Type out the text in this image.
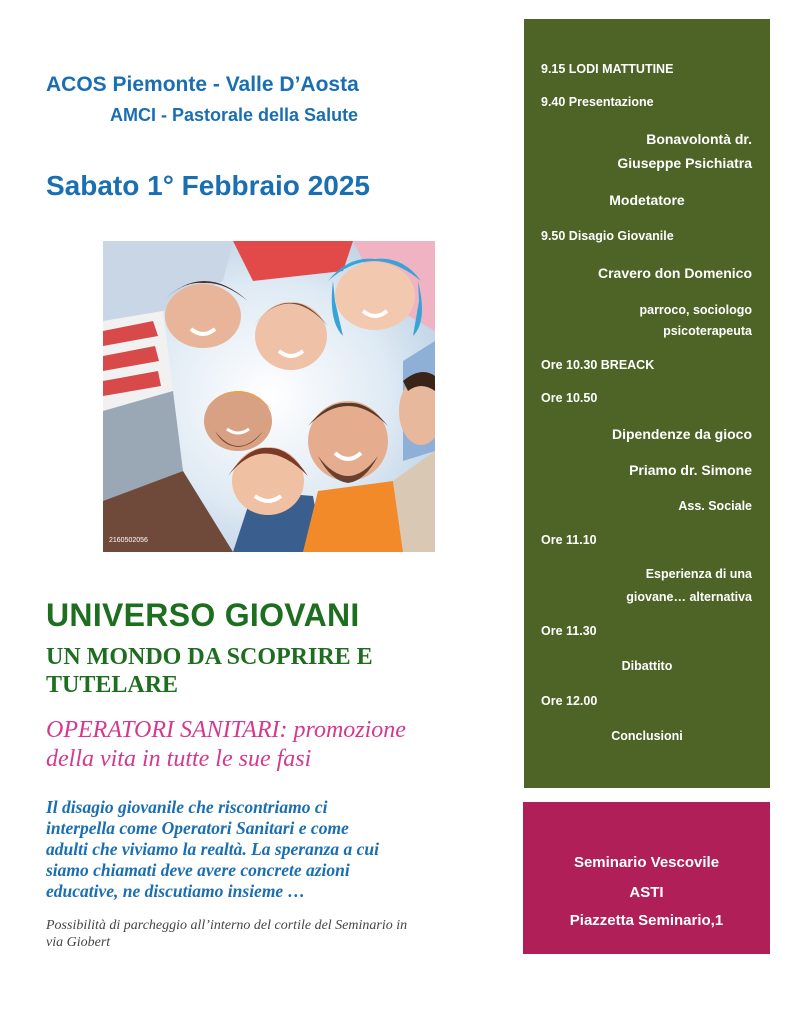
ACOS Piemonte - Valle D’Aosta
AMCI - Pastorale della Salute
Sabato 1° Febbraio 2025
2160502056
UNIVERSO GIOVANI
UN MONDO DA SCOPRIRE E
TUTELARE
OPERATORI SANITARI: promozione
della vita in tutte le sue fasi
Il disagio giovanile che riscontriamo ci
interpella come Operatori Sanitari e come
adulti che viviamo la realtà. La speranza a cui
siamo chiamati deve avere concrete azioni
educative, ne discutiamo insieme …
Possibilità di parcheggio all’interno del cortile del Seminario in
via Giobert
9.15 LODI MATTUTINE
9.40 Presentazione
Bonavolontà dr.
Giuseppe Psichiatra
Modetatore
9.50 Disagio Giovanile
Cravero don Domenico
parroco, sociologo
psicoterapeuta
Ore 10.30 BREACK
Ore 10.50
Dipendenze da gioco
Priamo dr. Simone
Ass. Sociale
Ore 11.10
Esperienza di una
giovane… alternativa
Ore 11.30
Dibattito
Ore 12.00
Conclusioni
Seminario Vescovile
ASTI
Piazzetta Seminario,1
